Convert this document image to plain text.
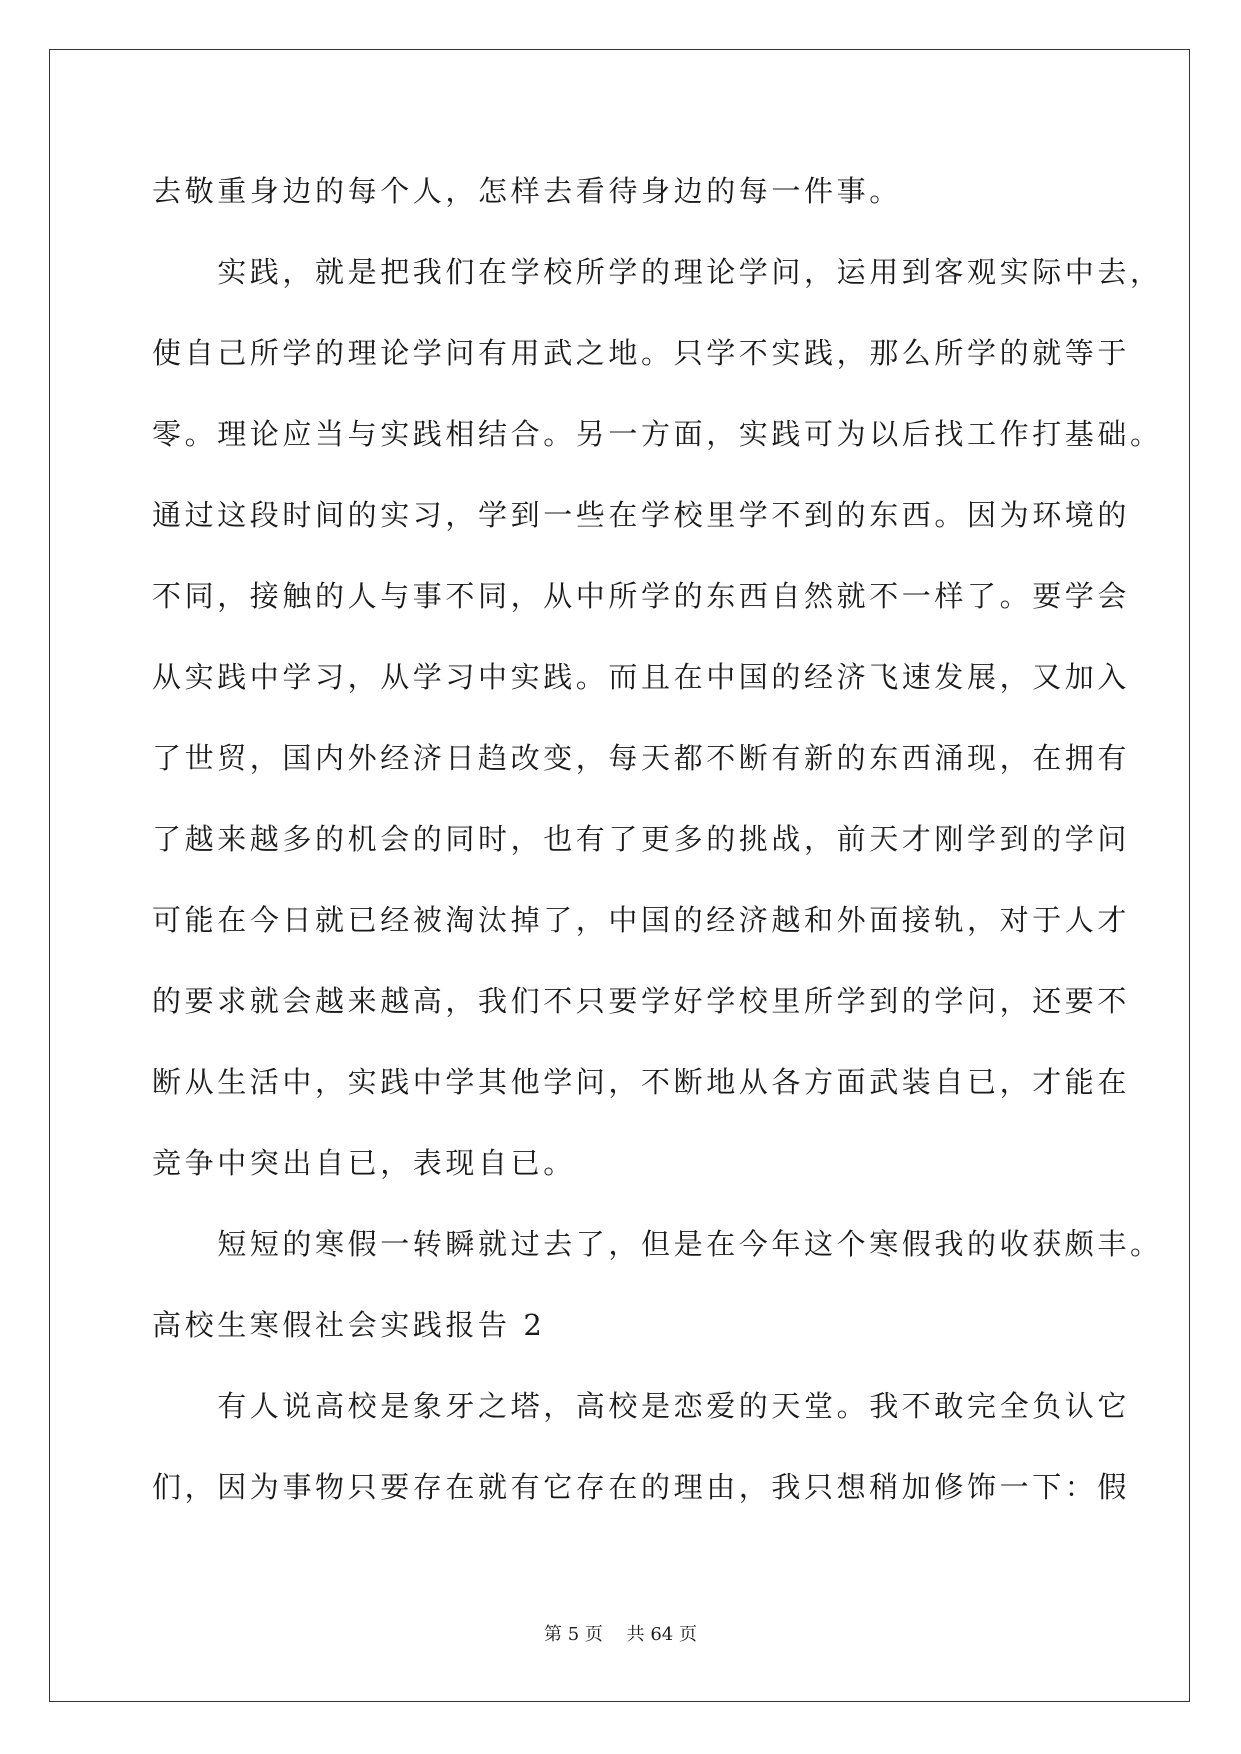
去敬重身边的每个人，怎样去看待身边的每一件事。
　　实践，就是把我们在学校所学的理论学问，运用到客观实际中去，
使自己所学的理论学问有用武之地。只学不实践，那么所学的就等于
零。理论应当与实践相结合。另一方面，实践可为以后找工作打基础。
通过这段时间的实习，学到一些在学校里学不到的东西。因为环境的
不同，接触的人与事不同，从中所学的东西自然就不一样了。要学会
从实践中学习，从学习中实践。而且在中国的经济飞速发展，又加入
了世贸，国内外经济日趋改变，每天都不断有新的东西涌现，在拥有
了越来越多的机会的同时，也有了更多的挑战，前天才刚学到的学问
可能在今日就已经被淘汰掉了，中国的经济越和外面接轨，对于人才
的要求就会越来越高，我们不只要学好学校里所学到的学问，还要不
断从生活中，实践中学其他学问，不断地从各方面武装自已，才能在
竞争中突出自已，表现自已。
　　短短的寒假一转瞬就过去了，但是在今年这个寒假我的收获颇丰。
高校生寒假社会实践报告 2
　　有人说高校是象牙之塔，高校是恋爱的天堂。我不敢完全负认它
们，因为事物只要存在就有它存在的理由，我只想稍加修饰一下：假
第 5 页　 共 64 页
